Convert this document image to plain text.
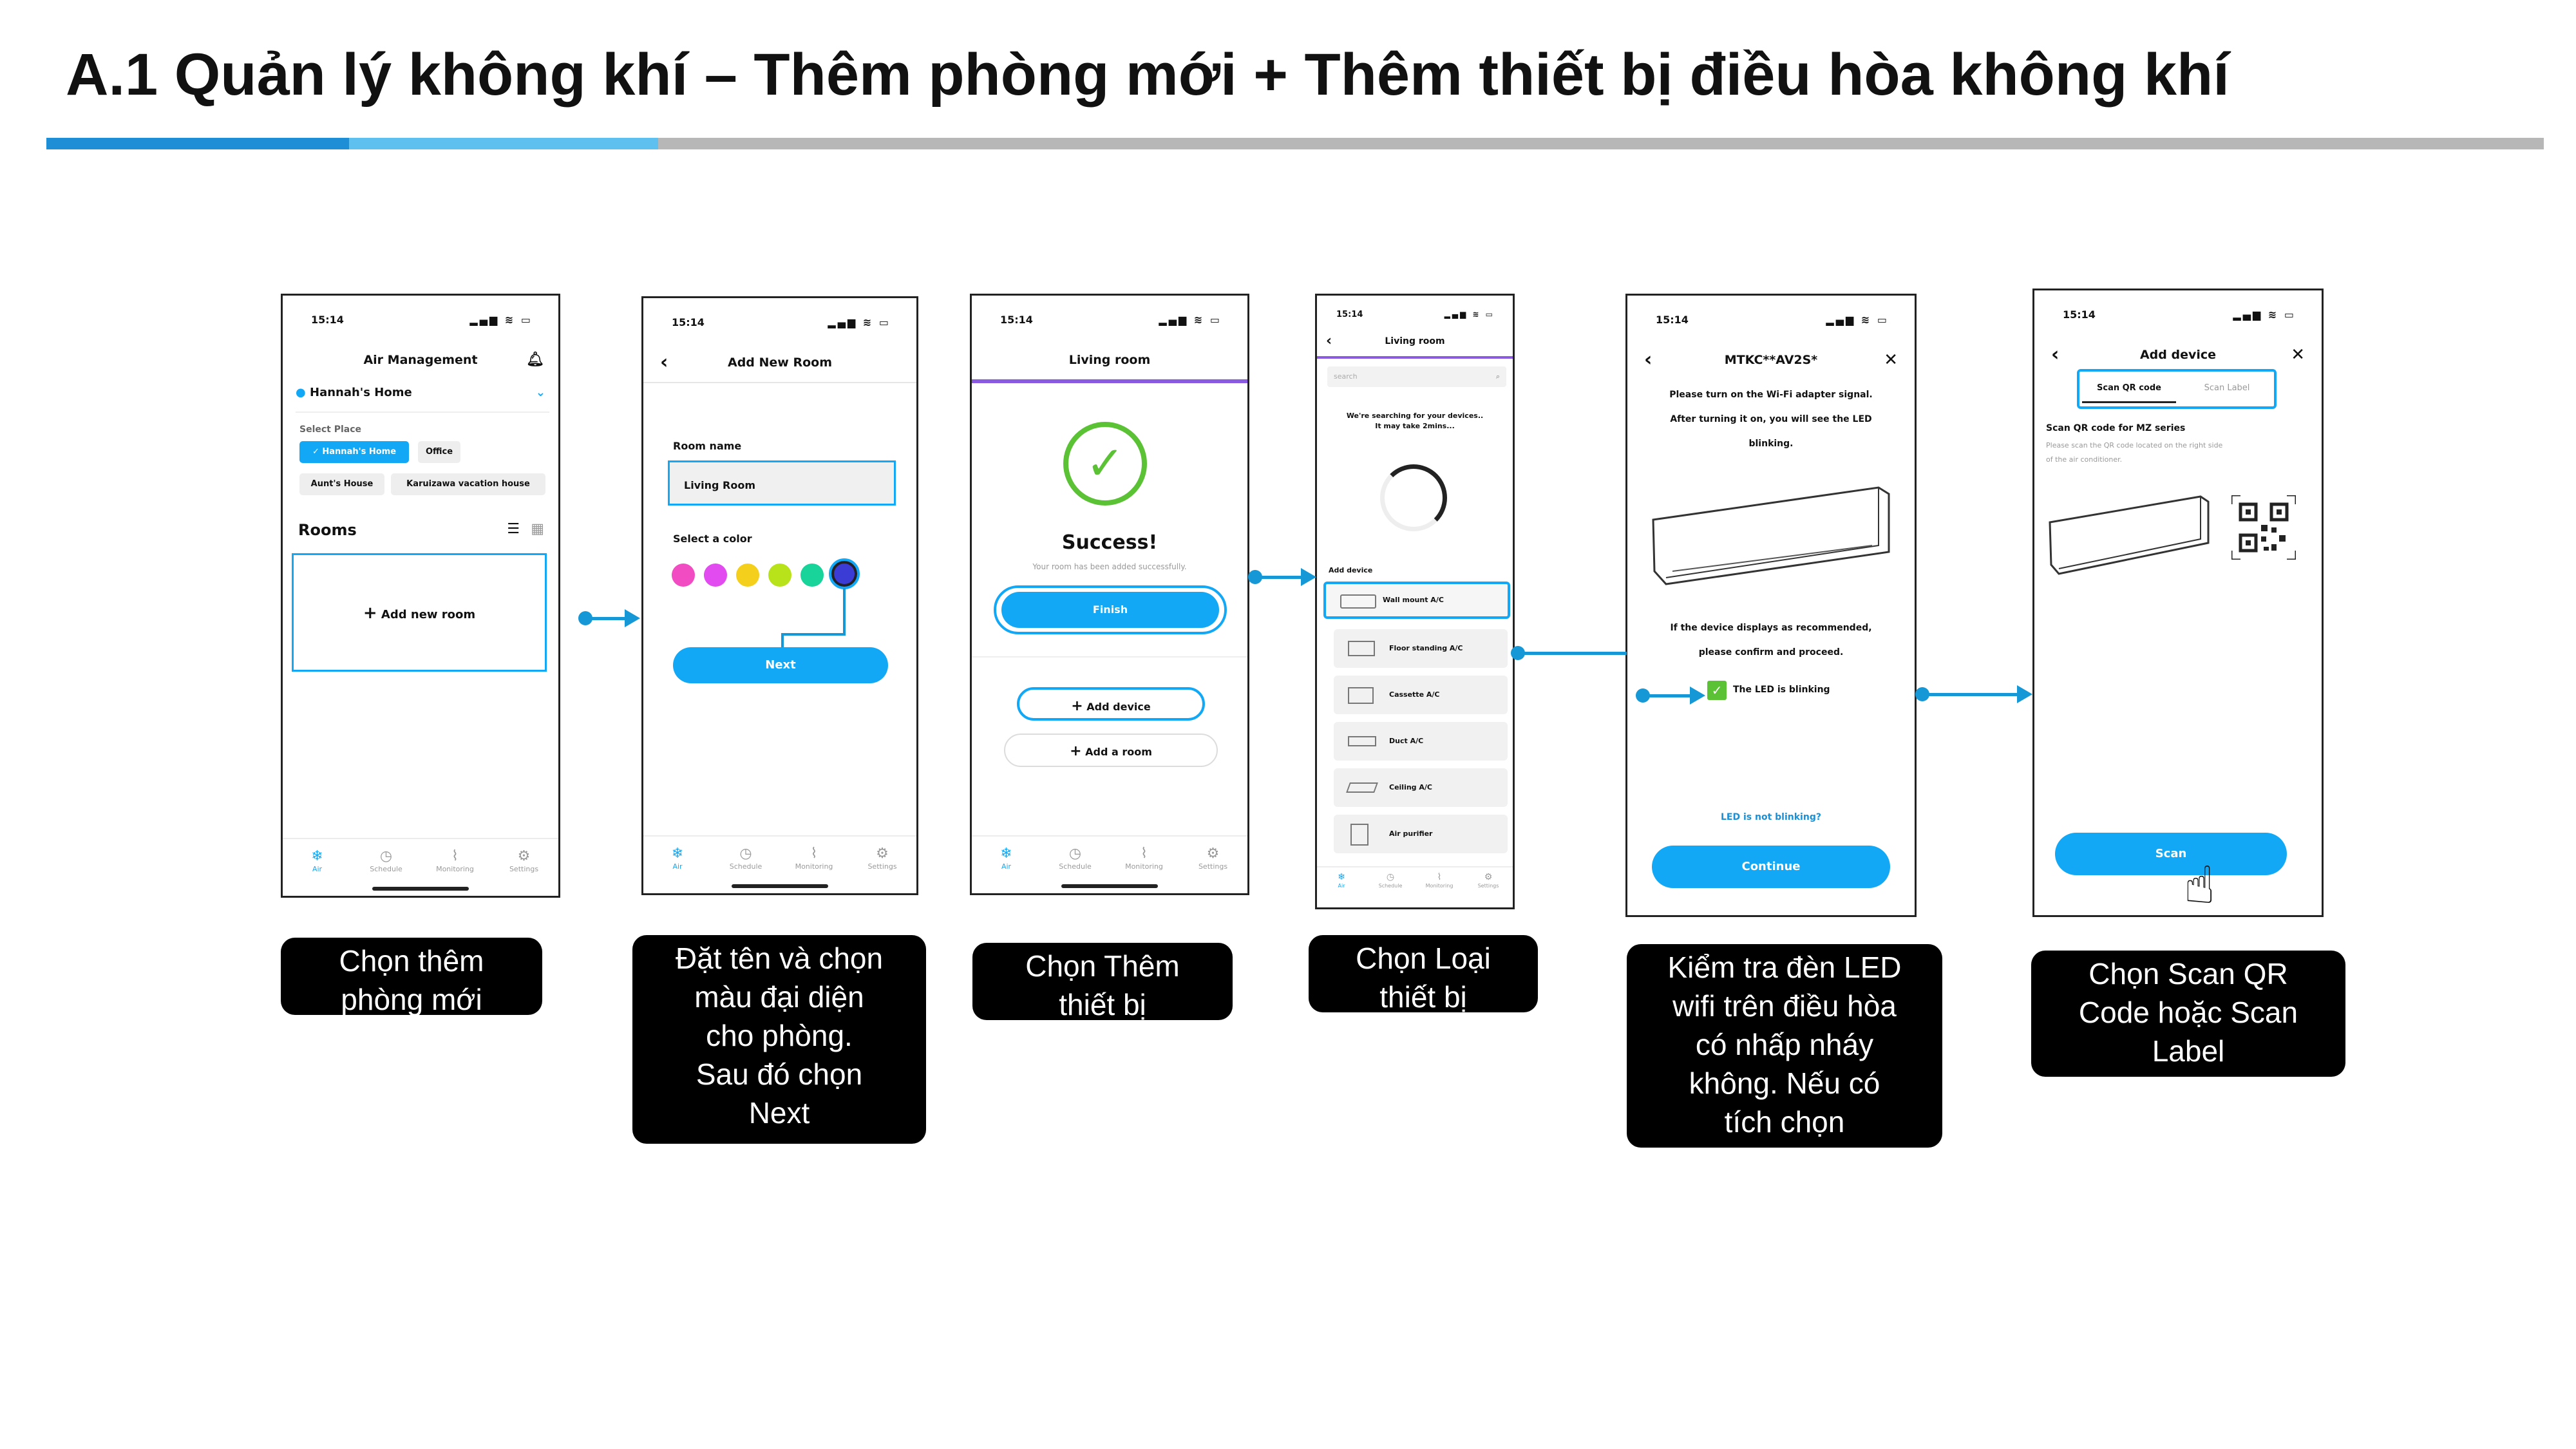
A.1 Quản lý không khí – Thêm phòng mới + Thêm thiết bị điều hòa không khí
15:14	▂▄▆ ≋ ▭
Air Management	🔔︎
● Hannah's Home	⌄
Select Place
✓ Hannah's Home	Office
Aunt's House	Karuizawa vacation house
Rooms	☰ ▦
+ Add new room
❄
Air
◷
Schedule
⌇
Monitoring
⚙
Settings
15:14	▂▄▆ ≋ ▭
‹	Add New Room
Room name
Living Room
Select a color
Next
❄
Air
◷
Schedule
⌇
Monitoring
⚙
Settings
15:14	▂▄▆ ≋ ▭
Living room
✓
Success!
Your room has been added successfully.
Finish
+ Add device
+ Add a room
❄
Air
◷
Schedule
⌇
Monitoring
⚙
Settings
15:14	▂▄▆ ≋ ▭
‹	Living room
search	⌕
We're searching for your devices..
It may take 2mins...
Add device
Wall mount A/C
Floor standing A/C
Cassette A/C
Duct A/C
Ceiling A/C
Air purifier
❄
Air
◷
Schedule
⌇
Monitoring
⚙
Settings
15:14	▂▄▆ ≋ ▭
‹	MTKC**AV2S*	✕
Please turn on the Wi-Fi adapter signal.
After turning it on, you will see the LED
blinking.
If the device displays as recommended,
please confirm and proceed.
✓	The LED is blinking
LED is not blinking?
Continue
15:14	▂▄▆ ≋ ▭
‹	Add device	✕
Scan QR code	Scan Label
Scan QR code for MZ series
Please scan the QR code located on the right side
of the air conditioner.
Scan
☝
Chọn thêm
phòng mới
Đặt tên và chọn
màu đại diện
cho phòng.
Sau đó chọn
Next
Chọn Thêm
thiết bị
Chọn Loại
thiết bị
Kiểm tra đèn LED
wifi trên điều hòa
có nhấp nháy
không. Nếu có
tích chọn
Chọn Scan QR
Code hoặc Scan
Label
